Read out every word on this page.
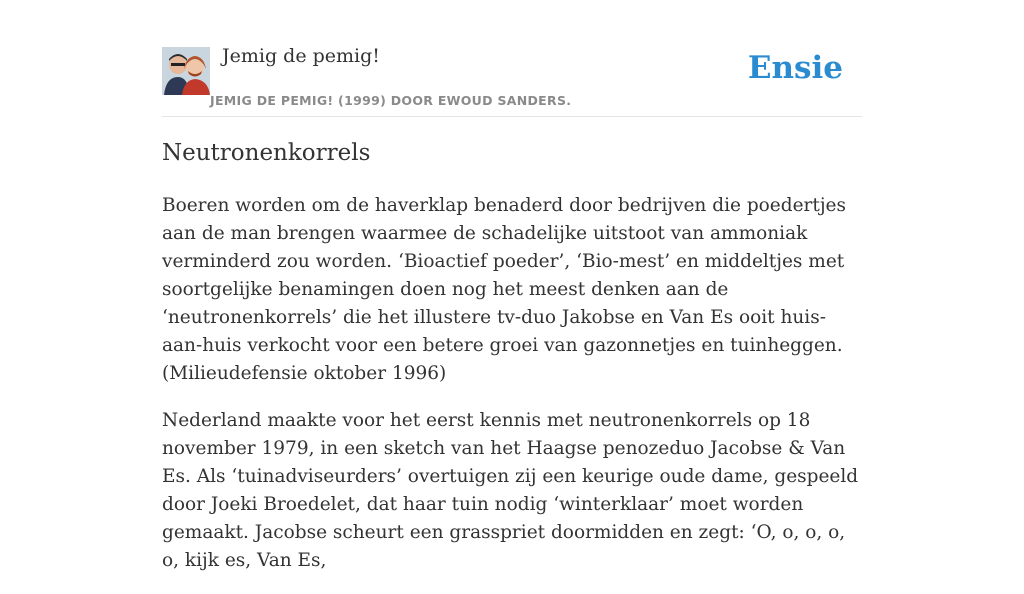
Jemig de pemig!
JEMIG DE PEMIG! (1999) DOOR EWOUD SANDERS.
Ensie
Neutronenkorrels

Boeren worden om de haverklap benaderd door bedrijven die poedertjes aan de man brengen waarmee de schadelijke uitstoot van ammoniak verminderd zou worden. ‘Bioactief poeder’, ‘Bio-mest’ en middeltjes met soortgelijke benamingen doen nog het meest denken aan de ‘neutronenkorrels’ die het illustere tv-duo Jakobse en Van Es ooit huis-aan-huis verkocht voor een betere groei van gazonnetjes en tuinheggen. (Milieudefensie oktober 1996)

Nederland maakte voor het eerst kennis met neutronenkorrels op 18 november 1979, in een sketch van het Haagse penozeduo Jacobse & Van Es. Als ‘tuinadviseurders’ overtuigen zij een keurige oude dame, gespeeld door Joeki Broedelet, dat haar tuin nodig ‘winterklaar’ moet worden gemaakt. Jacobse scheurt een grasspriet doormidden en zegt: ‘O, o, o, o, o, kijk es, Van Es,
